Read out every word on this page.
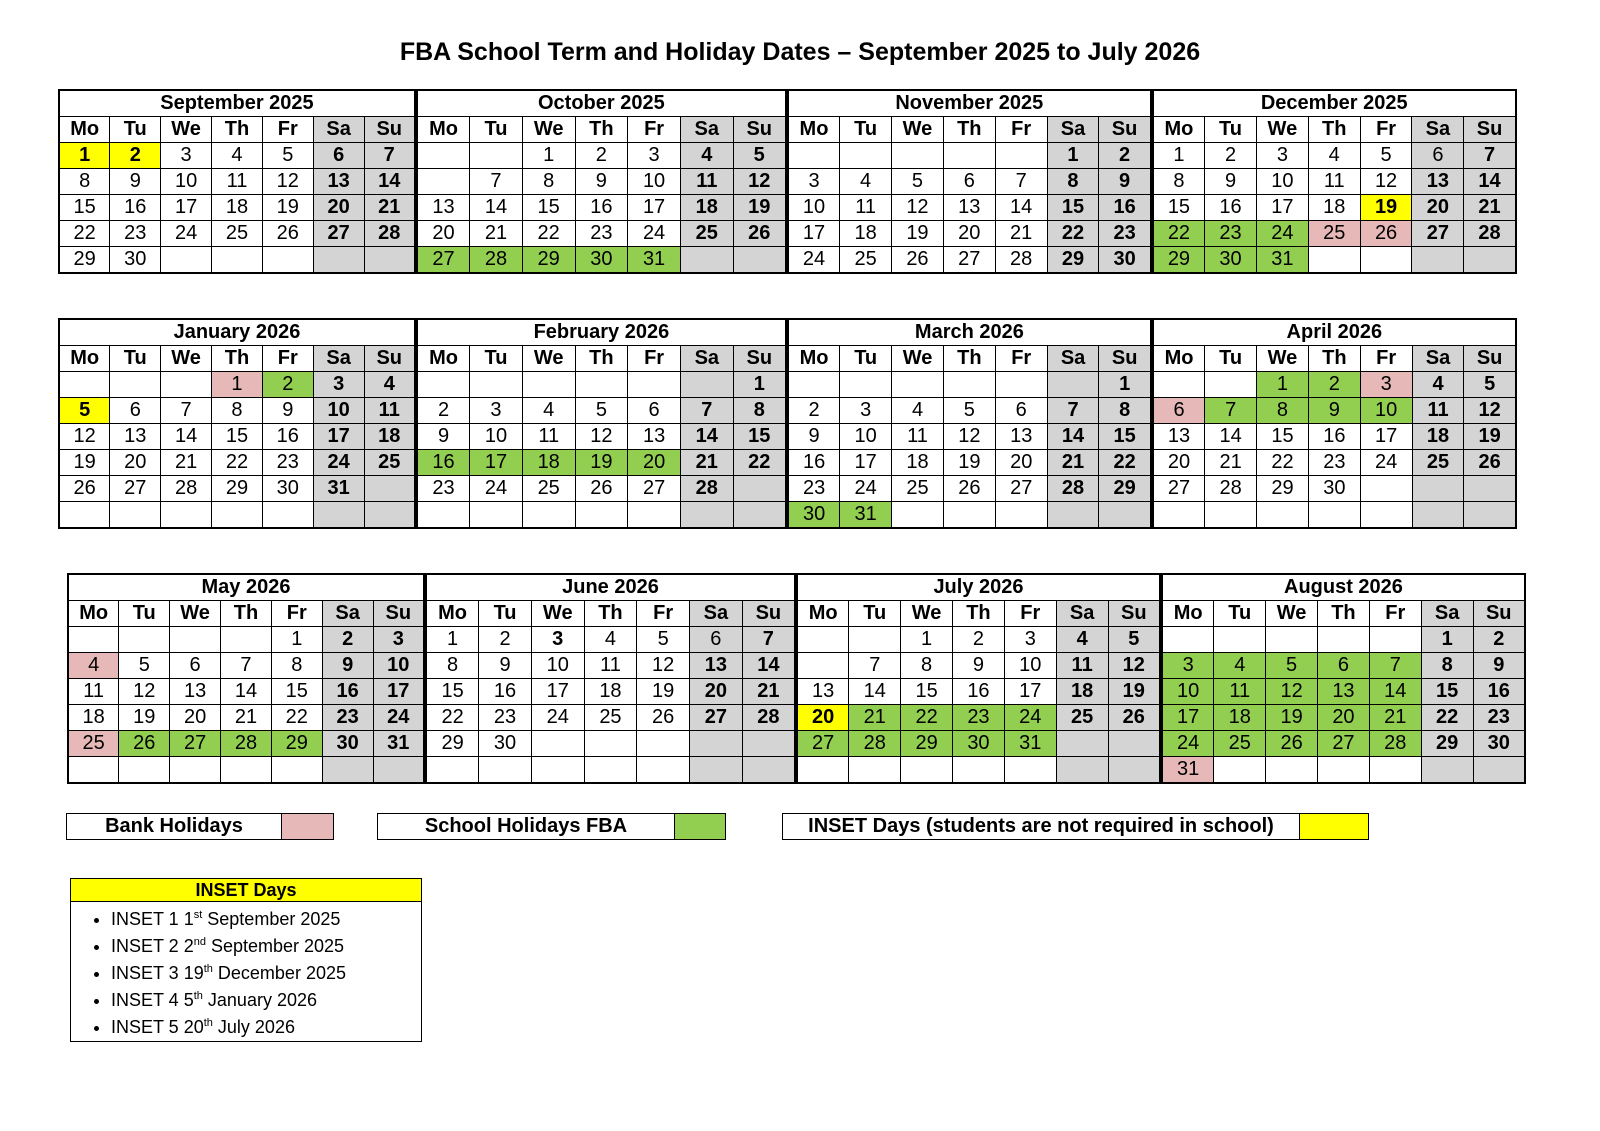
FBA School Term and Holiday Dates – September 2025 to July 2026
September 2025						
Mo	Tu	We	Th	Fr	Sa	Su
1	2	3	4	5	6	7
8	9	10	11	12	13	14
15	16	17	18	19	20	21
22	23	24	25	26	27	28
29	30					
October 2025						
Mo	Tu	We	Th	Fr	Sa	Su
		1	2	3	4	5
	7	8	9	10	11	12
13	14	15	16	17	18	19
20	21	22	23	24	25	26
27	28	29	30	31		
November 2025						
Mo	Tu	We	Th	Fr	Sa	Su
					1	2
3	4	5	6	7	8	9
10	11	12	13	14	15	16
17	18	19	20	21	22	23
24	25	26	27	28	29	30
December 2025						
Mo	Tu	We	Th	Fr	Sa	Su
1	2	3	4	5	6	7
8	9	10	11	12	13	14
15	16	17	18	19	20	21
22	23	24	25	26	27	28
29	30	31				
January 2026						
Mo	Tu	We	Th	Fr	Sa	Su
			1	2	3	4
5	6	7	8	9	10	11
12	13	14	15	16	17	18
19	20	21	22	23	24	25
26	27	28	29	30	31	

February 2026						
Mo	Tu	We	Th	Fr	Sa	Su
						1
2	3	4	5	6	7	8
9	10	11	12	13	14	15
16	17	18	19	20	21	22
23	24	25	26	27	28	

March 2026						
Mo	Tu	We	Th	Fr	Sa	Su
						1
2	3	4	5	6	7	8
9	10	11	12	13	14	15
16	17	18	19	20	21	22
23	24	25	26	27	28	29
30	31					
April 2026						
Mo	Tu	We	Th	Fr	Sa	Su
		1	2	3	4	5
6	7	8	9	10	11	12
13	14	15	16	17	18	19
20	21	22	23	24	25	26
27	28	29	30			

May 2026						
Mo	Tu	We	Th	Fr	Sa	Su
				1	2	3
4	5	6	7	8	9	10
11	12	13	14	15	16	17
18	19	20	21	22	23	24
25	26	27	28	29	30	31

June 2026						
Mo	Tu	We	Th	Fr	Sa	Su
1	2	3	4	5	6	7
8	9	10	11	12	13	14
15	16	17	18	19	20	21
22	23	24	25	26	27	28
29	30					

July 2026						
Mo	Tu	We	Th	Fr	Sa	Su
		1	2	3	4	5
	7	8	9	10	11	12
13	14	15	16	17	18	19
20	21	22	23	24	25	26
27	28	29	30	31		

August 2026						
Mo	Tu	We	Th	Fr	Sa	Su
					1	2
3	4	5	6	7	8	9
10	11	12	13	14	15	16
17	18	19	20	21	22	23
24	25	26	27	28	29	30
31						
Bank Holidays	School Holidays FBA	INSET Days (students are not required in school)
INSET Days
• INSET 1 1st September 2025
• INSET 2 2nd September 2025
• INSET 3 19th December 2025
• INSET 4 5th January 2026
• INSET 5 20th July 2026
